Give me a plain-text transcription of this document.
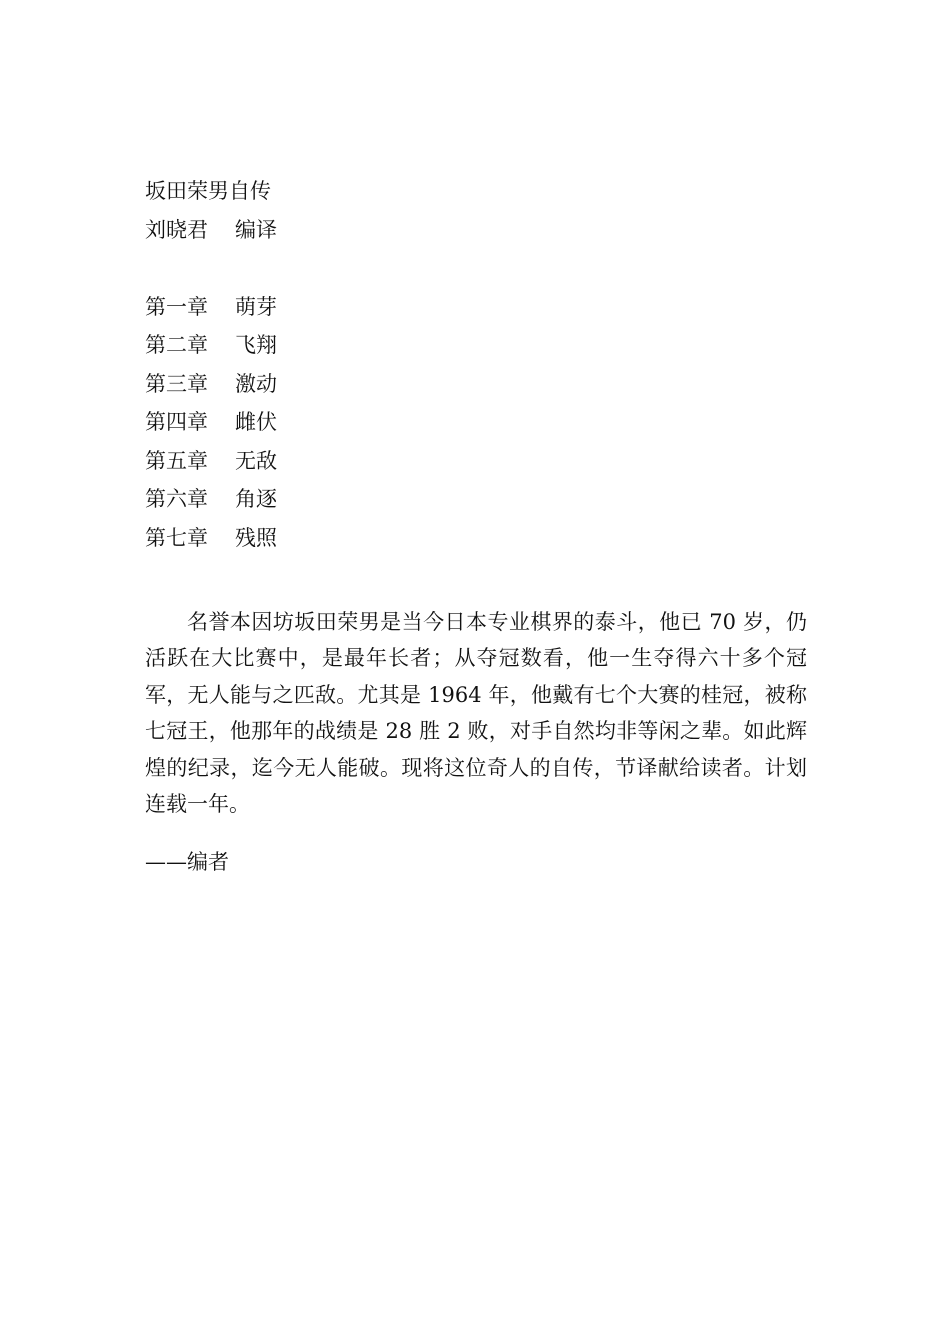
坂田荣男自传
刘晓君 编译
第一章 萌芽
第二章 飞翔
第三章 激动
第四章 雌伏
第五章 无敌
第六章 角逐
第七章 残照

名誉本因坊坂田荣男是当今日本专业棋界的泰斗，他已 70 岁，仍活跃在大比赛中，是最年长者；从夺冠数看，他一生夺得六十多个冠军，无人能与之匹敌。尤其是 1964 年，他戴有七个大赛的桂冠，被称七冠王，他那年的战绩是 28 胜 2 败，对手自然均非等闲之辈。如此辉煌的纪录，迄今无人能破。现将这位奇人的自传，节译献给读者。计划连载一年。

——编者
